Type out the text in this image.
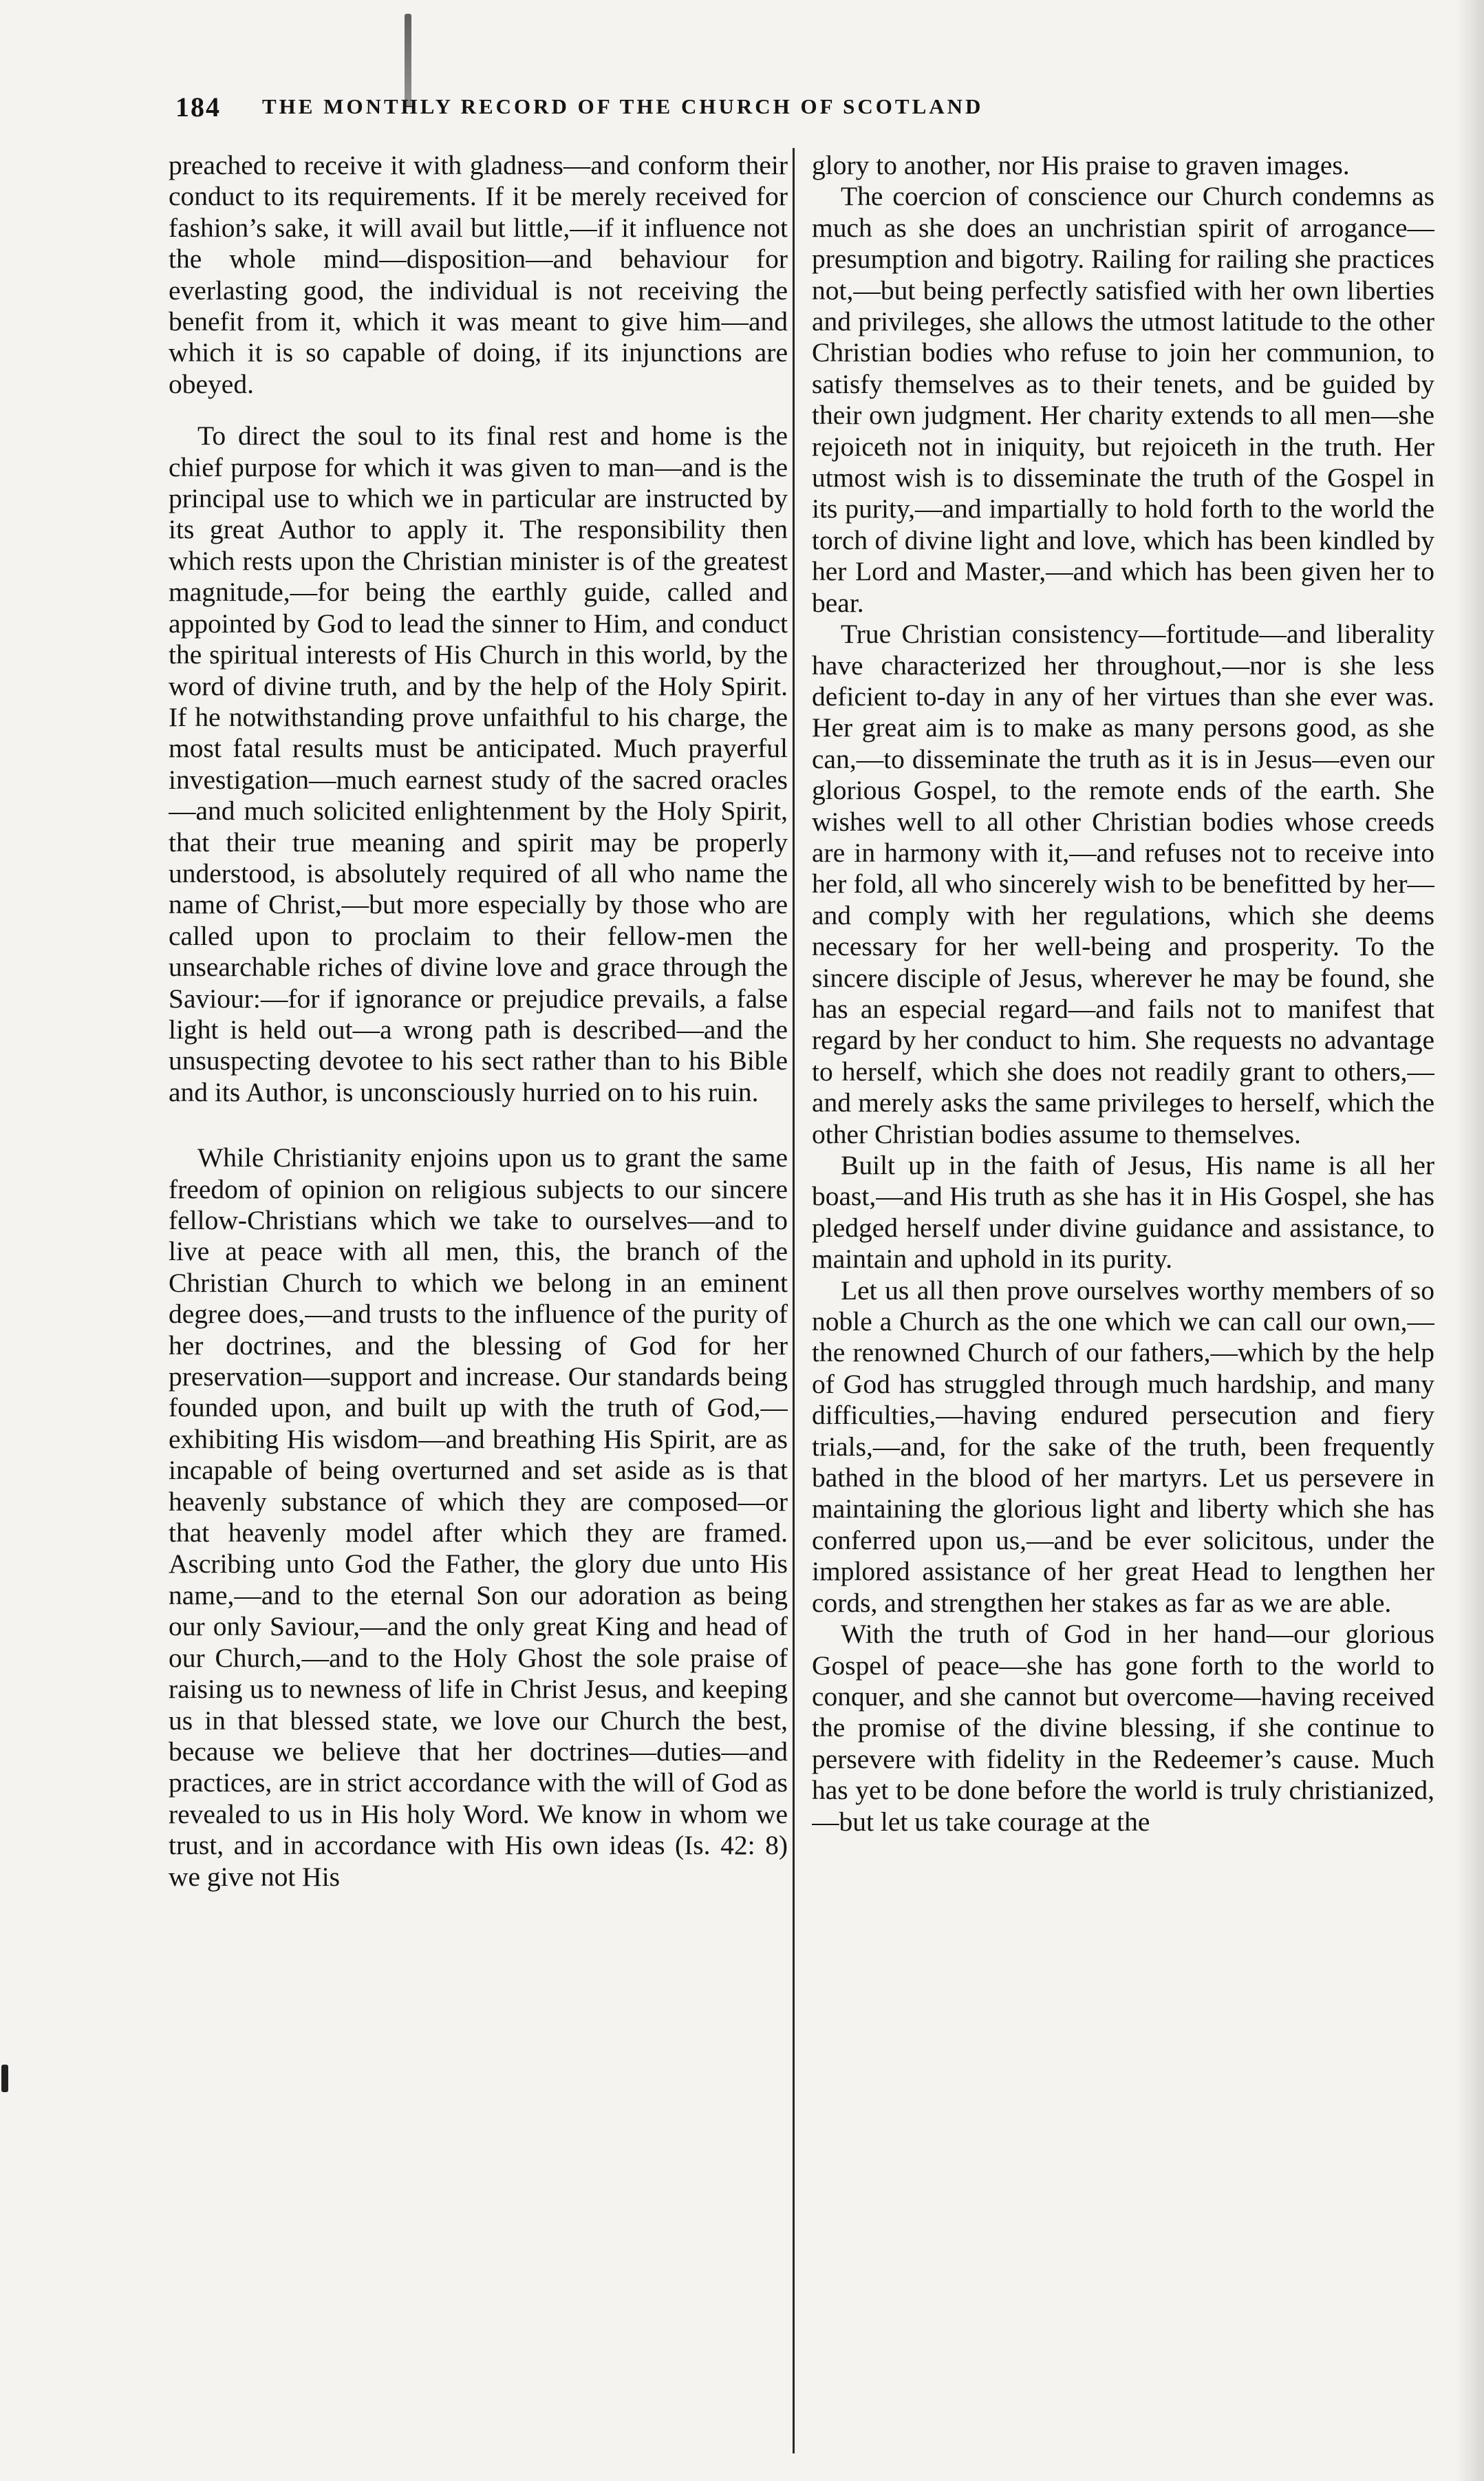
184 THE MONTHLY RECORD OF THE CHURCH OF SCOTLAND

preached to receive it with gladness—and conform their conduct to its requirements. If it be merely received for fashion’s sake, it will avail but little,—if it influence not the whole mind—disposition—and behaviour for everlasting good, the individual is not receiving the benefit from it, which it was meant to give him—and which it is so capable of doing, if its injunctions are obeyed.

To direct the soul to its final rest and home is the chief purpose for which it was given to man—and is the principal use to which we in particular are instructed by its great Author to apply it. The responsibility then which rests upon the Christian minister is of the greatest magnitude,—for being the earthly guide, called and appointed by God to lead the sinner to Him, and conduct the spiritual interests of His Church in this world, by the word of divine truth, and by the help of the Holy Spirit. If he notwithstanding prove unfaithful to his charge, the most fatal results must be anticipated. Much prayerful investigation—much earnest study of the sacred oracles—and much solicited enlightenment by the Holy Spirit, that their true meaning and spirit may be properly understood, is absolutely required of all who name the name of Christ,—but more especially by those who are called upon to proclaim to their fellow-men the unsearchable riches of divine love and grace through the Saviour:—for if ignorance or prejudice prevails, a false light is held out—a wrong path is described—and the unsuspecting devotee to his sect rather than to his Bible and its Author, is unconsciously hurried on to his ruin.

While Christianity enjoins upon us to grant the same freedom of opinion on religious subjects to our sincere fellow-Christians which we take to ourselves—and to live at peace with all men, this, the branch of the Christian Church to which we belong in an eminent degree does,—and trusts to the influence of the purity of her doctrines, and the blessing of God for her preservation—support and increase. Our standards being founded upon, and built up with the truth of God,—exhibiting His wisdom—and breathing His Spirit, are as incapable of being overturned and set aside as is that heavenly substance of which they are composed—or that heavenly model after which they are framed. Ascribing unto God the Father, the glory due unto His name,—and to the eternal Son our adoration as being our only Saviour,—and the only great King and head of our Church,—and to the Holy Ghost the sole praise of raising us to newness of life in Christ Jesus, and keeping us in that blessed state, we love our Church the best, because we believe that her doctrines—duties—and practices, are in strict accordance with the will of God as revealed to us in His holy Word. We know in whom we trust, and in accordance with His own ideas (Is. 42: 8) we give not His

glory to another, nor His praise to graven images.

The coercion of conscience our Church condemns as much as she does an unchristian spirit of arrogance—presumption and bigotry. Railing for railing she practices not,—but being perfectly satisfied with her own liberties and privileges, she allows the utmost latitude to the other Christian bodies who refuse to join her communion, to satisfy themselves as to their tenets, and be guided by their own judgment. Her charity extends to all men—she rejoiceth not in iniquity, but rejoiceth in the truth. Her utmost wish is to disseminate the truth of the Gospel in its purity,—and impartially to hold forth to the world the torch of divine light and love, which has been kindled by her Lord and Master,—and which has been given her to bear.

True Christian consistency—fortitude—and liberality have characterized her throughout,—nor is she less deficient to-day in any of her virtues than she ever was. Her great aim is to make as many persons good, as she can,—to disseminate the truth as it is in Jesus—even our glorious Gospel, to the remote ends of the earth. She wishes well to all other Christian bodies whose creeds are in harmony with it,—and refuses not to receive into her fold, all who sincerely wish to be benefitted by her—and comply with her regulations, which she deems necessary for her well-being and prosperity. To the sincere disciple of Jesus, wherever he may be found, she has an especial regard—and fails not to manifest that regard by her conduct to him. She requests no advantage to herself, which she does not readily grant to others,—and merely asks the same privileges to herself, which the other Christian bodies assume to themselves.

Built up in the faith of Jesus, His name is all her boast,—and His truth as she has it in His Gospel, she has pledged herself under divine guidance and assistance, to maintain and uphold in its purity.

Let us all then prove ourselves worthy members of so noble a Church as the one which we can call our own,—the renowned Church of our fathers,—which by the help of God has struggled through much hardship, and many difficulties,—having endured persecution and fiery trials,—and, for the sake of the truth, been frequently bathed in the blood of her martyrs. Let us persevere in maintaining the glorious light and liberty which she has conferred upon us,—and be ever solicitous, under the implored assistance of her great Head to lengthen her cords, and strengthen her stakes as far as we are able.

With the truth of God in her hand—our glorious Gospel of peace—she has gone forth to the world to conquer, and she cannot but overcome—having received the promise of the divine blessing, if she continue to persevere with fidelity in the Redeemer’s cause. Much has yet to be done before the world is truly christianized,—but let us take courage at the
